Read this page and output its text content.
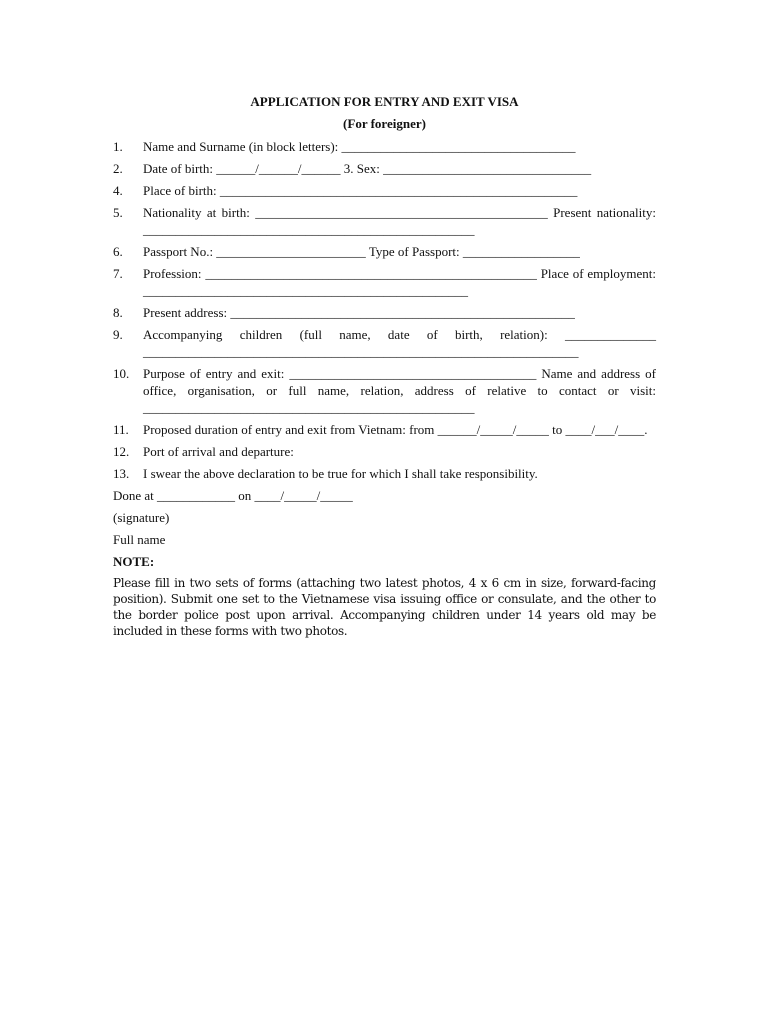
APPLICATION FOR ENTRY AND EXIT VISA
(For foreigner)
1.	Name and Surname (in block letters): ____________________________________
2.	Date of birth: ______/______/______ 3. Sex: ________________________________
4.	Place of birth: _______________________________________________________
5.	Nationality at birth: _____________________________________________ Present nationality: ___________________________________________________
6.	Passport No.: _______________________ Type of Passport: __________________
7.	Profession: ___________________________________________________ Place of employment: __________________________________________________
8.	Present address: _____________________________________________________
9.	Accompanying children (full name, date of birth, relation): ______________ ___________________________________________________________________
10.	Purpose of entry and exit: ______________________________________ Name and address of office, organisation, or full name, relation, address of relative to contact or visit: ___________________________________________________
11.	Proposed duration of entry and exit from Vietnam: from ______/_____/_____ to ____/___/____.
12.	Port of arrival and departure:
13.	I swear the above declaration to be true for which I shall take responsibility.
Done at ____________ on ____/_____/_____
(signature)
Full name
NOTE:
Please fill in two sets of forms (attaching two latest photos, 4 x 6 cm in size, forward-facing position). Submit one set to the Vietnamese visa issuing office or consulate, and the other to the border police post upon arrival. Accompanying children under 14 years old may be included in these forms with two photos.
